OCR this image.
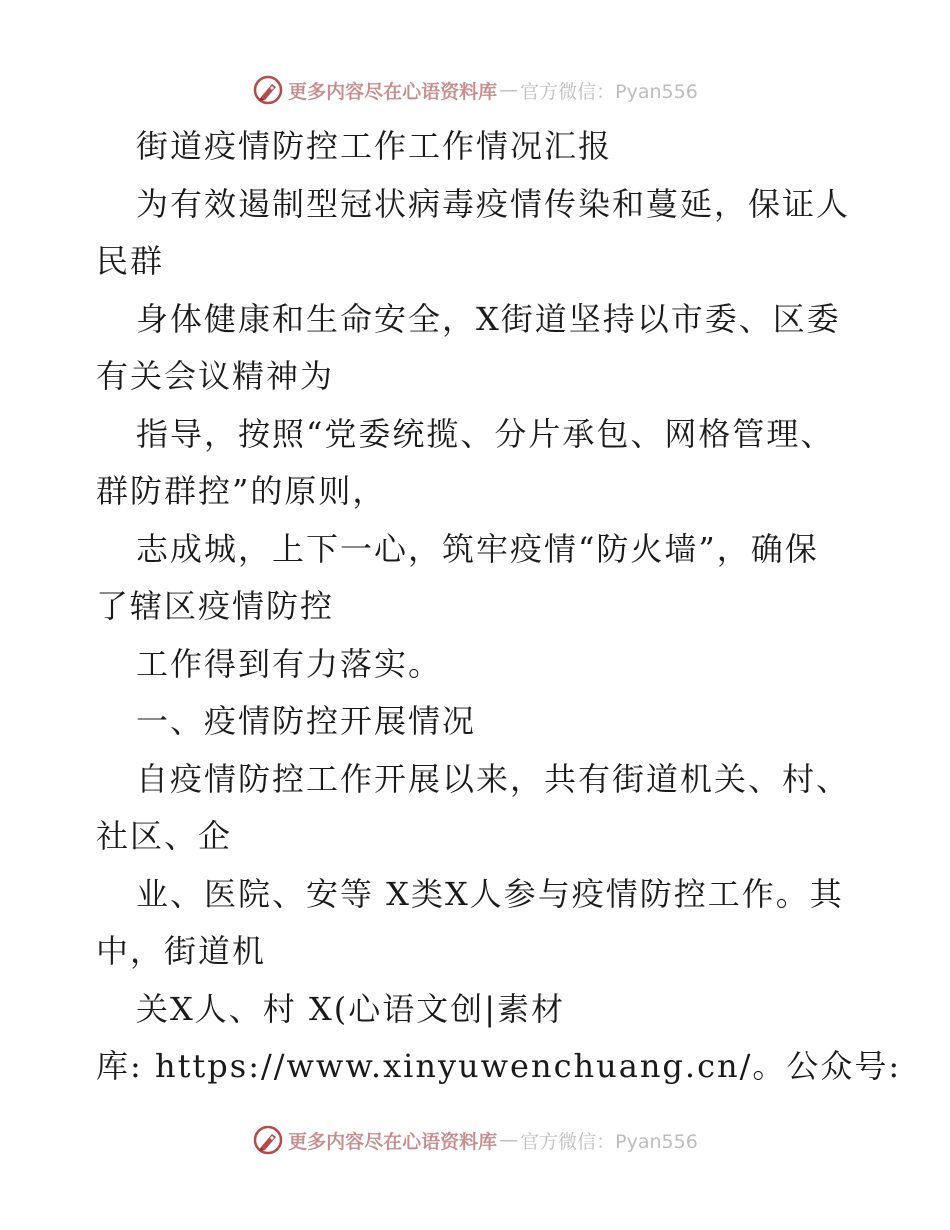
更多内容尽在心语资料库 — 官方微信：Pyan556
街道疫情防控工作工作情况汇报
为有效遏制型冠状病毒疫情传染和蔓延，保证人
民群
身体健康和生命安全，X街道坚持以市委、区委
有关会议精神为
指导，按照“党委统揽、分片承包、网格管理、
群防群控”的原则，
志成城，上下一心，筑牢疫情“防火墙”，确保
了辖区疫情防控
工作得到有力落实。
一、疫情防控开展情况
自疫情防控工作开展以来，共有街道机关、村、
社区、企
业、医院、安等 X类X人参与疫情防控工作。其
中，街道机
关X人、村 X(心语文创|素材
库: https://www.xinyuwenchuang.cn/。公众号:
更多内容尽在心语资料库 — 官方微信：Pyan556
